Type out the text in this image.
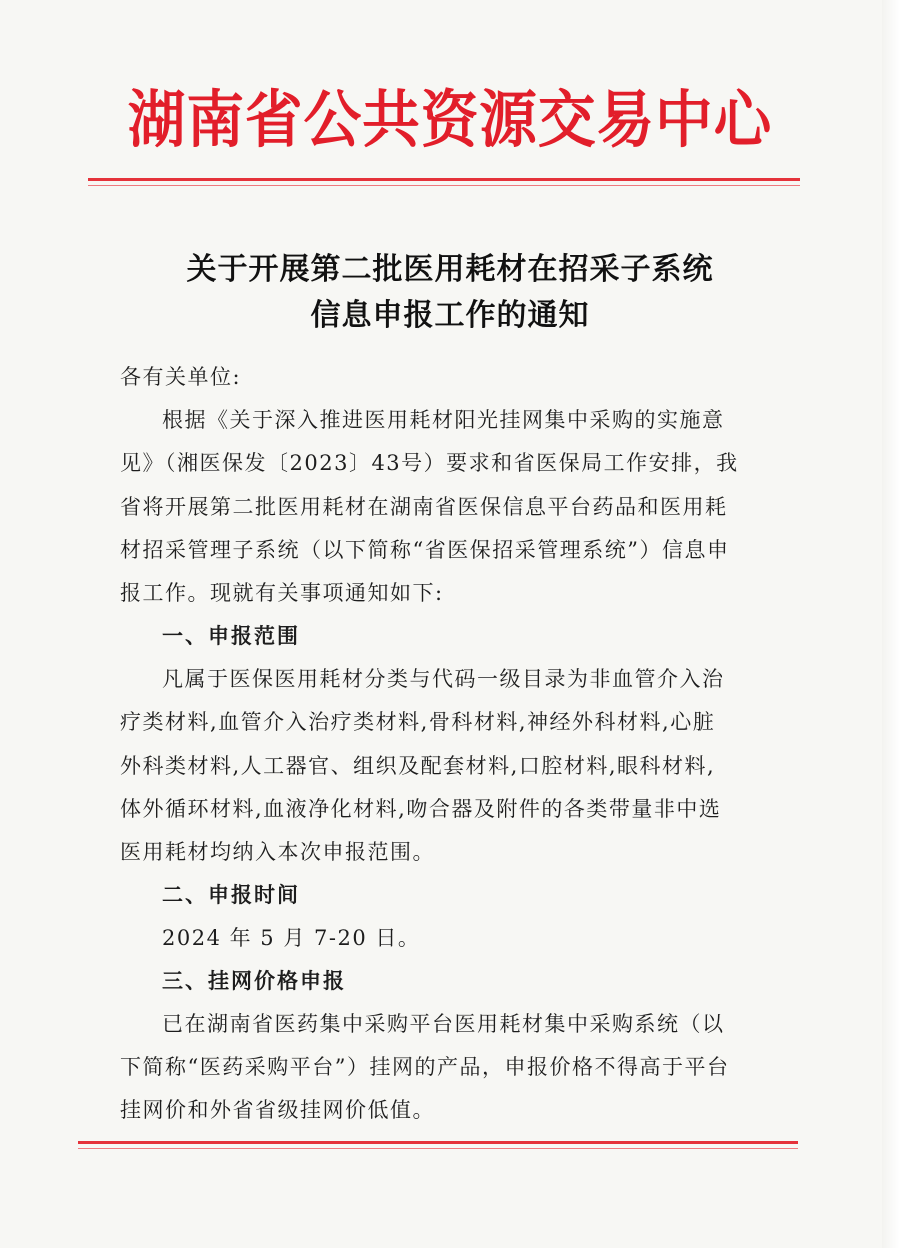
湖南省公共资源交易中心
关于开展第二批医用耗材在招采子系统
信息申报工作的通知
各有关单位:
根据《关于深入推进医用耗材阳光挂网集中采购的实施意
见》（湘医保发〔2023〕43号）要求和省医保局工作安排，我
省将开展第二批医用耗材在湖南省医保信息平台药品和医用耗
材招采管理子系统（以下简称“省医保招采管理系统”）信息申
报工作。现就有关事项通知如下:
一、申报范围
凡属于医保医用耗材分类与代码一级目录为非血管介入治
疗类材料,血管介入治疗类材料,骨科材料,神经外科材料,心脏
外科类材料,人工器官、组织及配套材料,口腔材料,眼科材料,
体外循环材料,血液净化材料,吻合器及附件的各类带量非中选
医用耗材均纳入本次申报范围。
二、申报时间
2024 年 5 月 7-20 日。
三、挂网价格申报
已在湖南省医药集中采购平台医用耗材集中采购系统（以
下简称“医药采购平台”）挂网的产品，申报价格不得高于平台
挂网价和外省省级挂网价低值。
